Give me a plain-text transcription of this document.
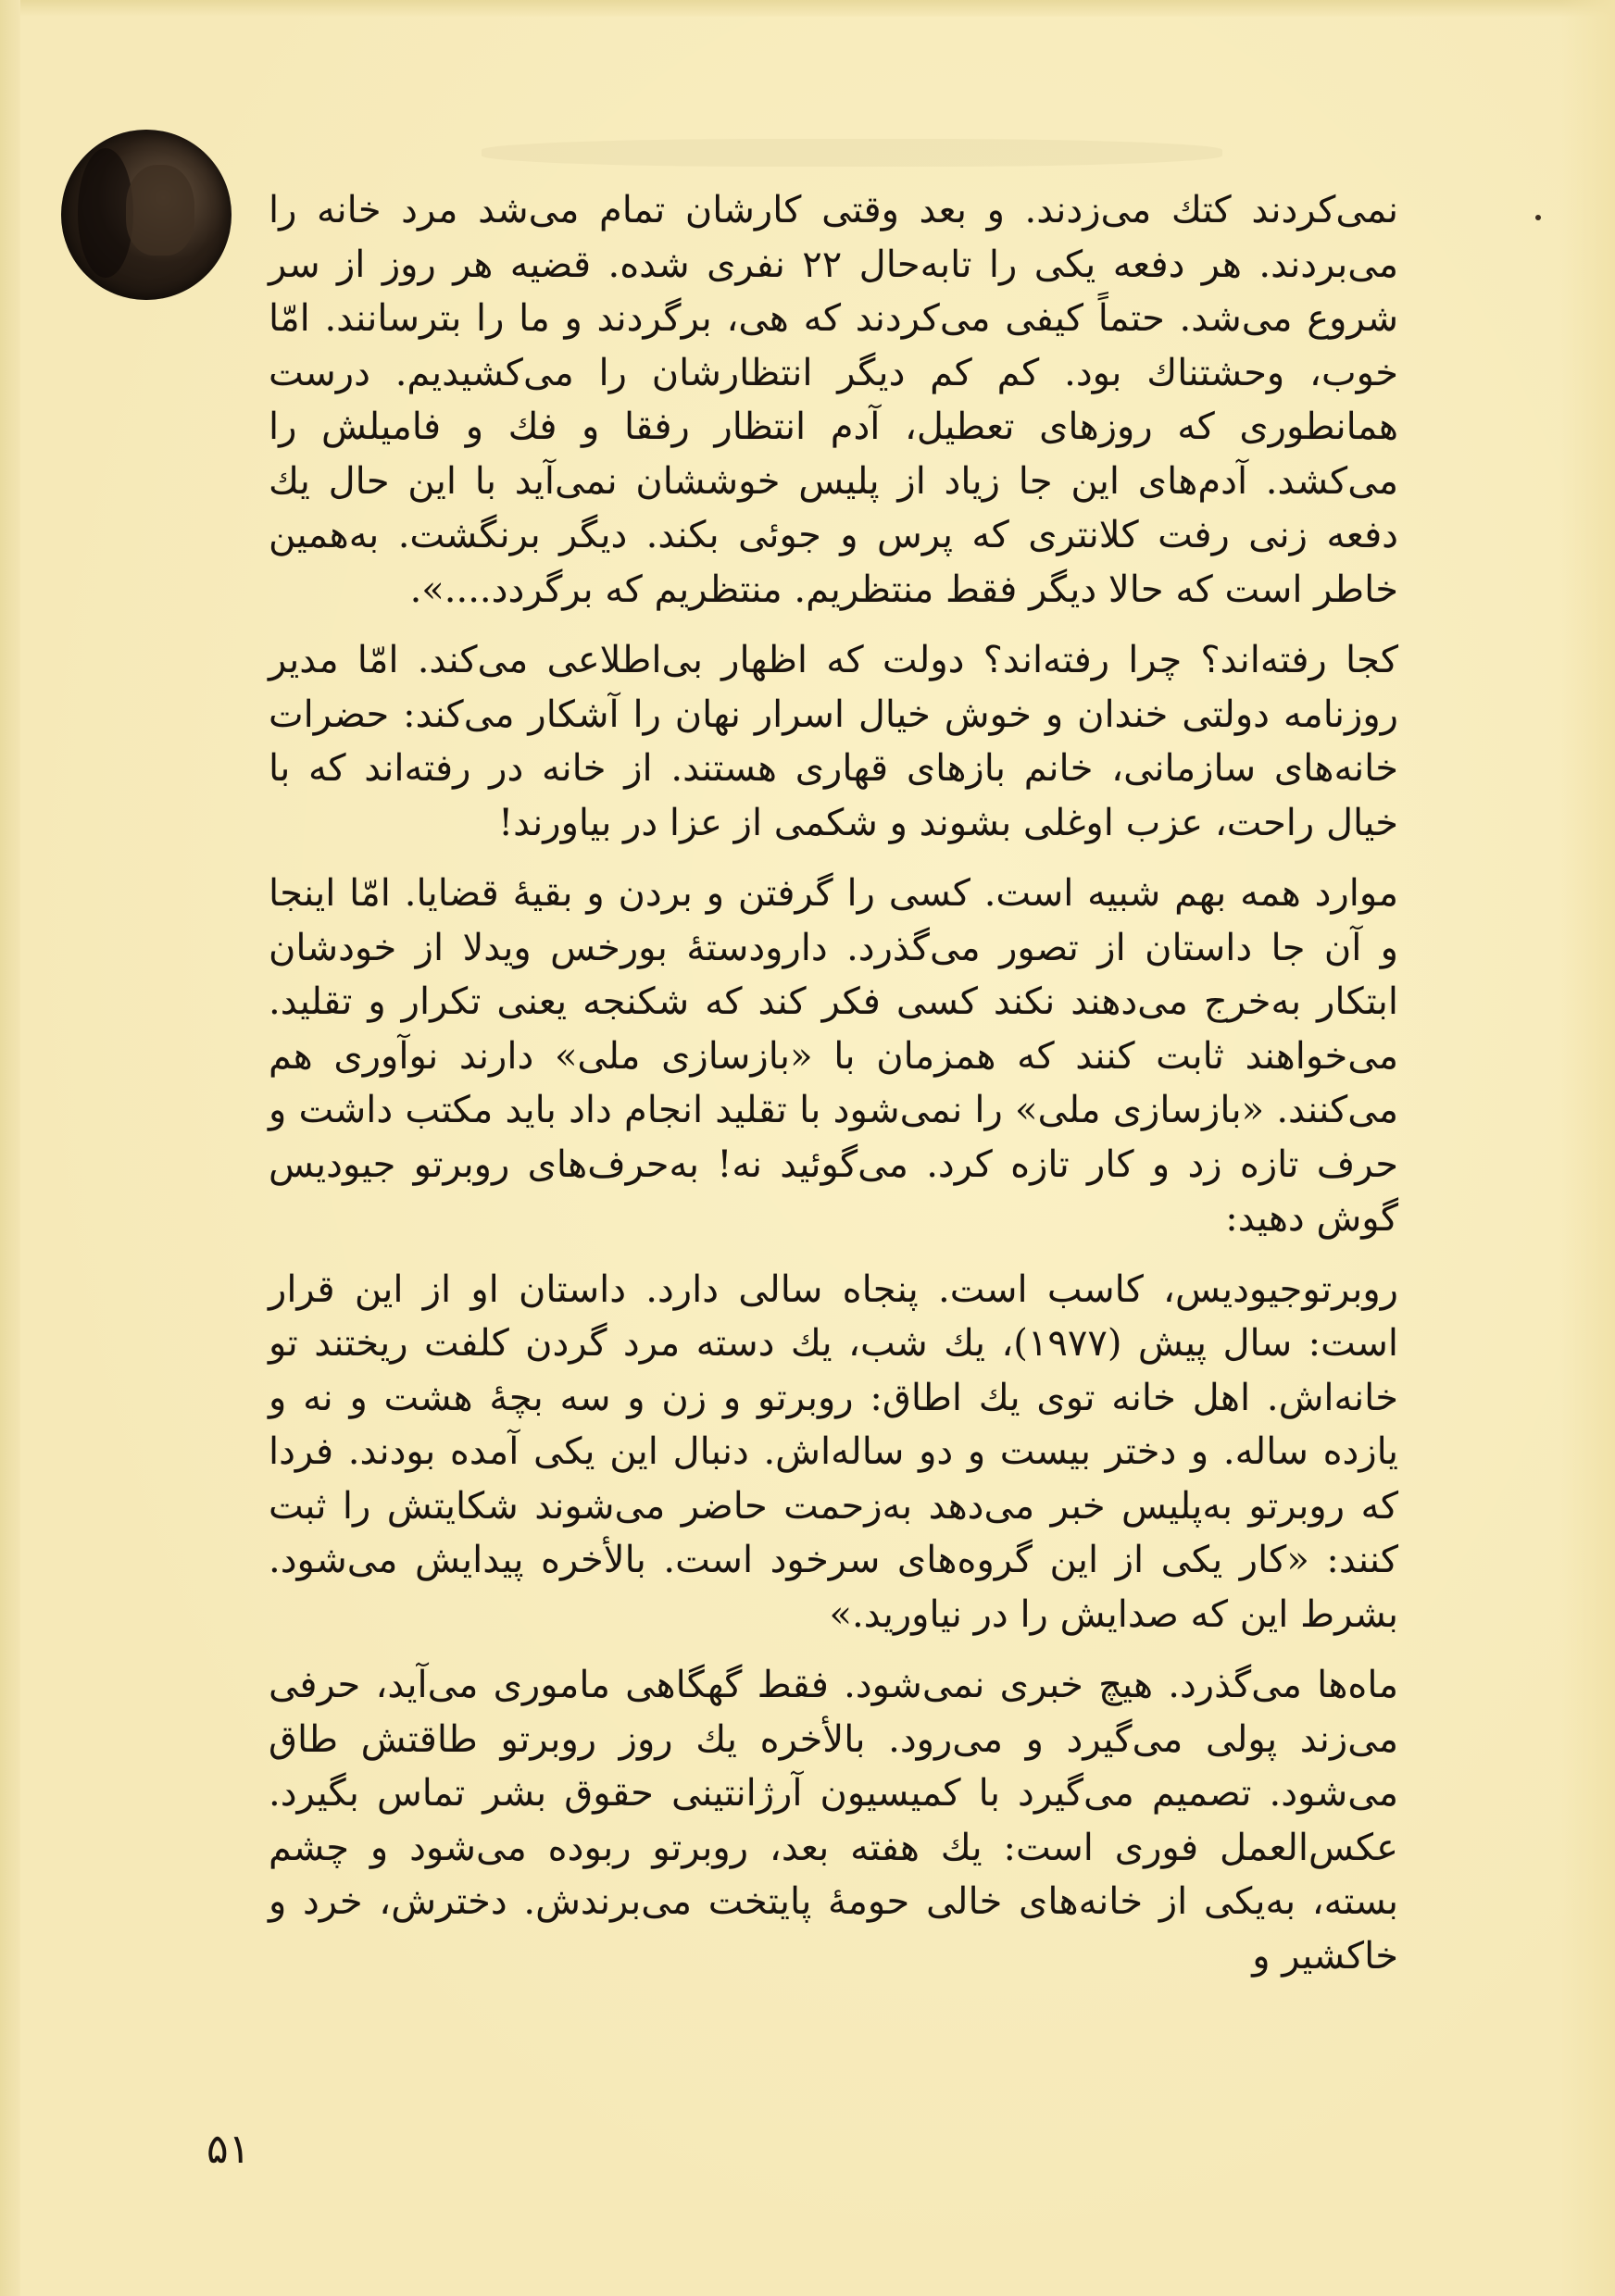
نمی‌کردند کتك می‌زدند. و بعد وقتی کارشان تمام می‌شد مرد خانه را می‌بردند. هر دفعه یکی را تابه‌حال ۲۲ نفری شده. قضیه هر روز از سر شروع می‌شد. حتماً کیفی می‌کردند که هی، برگردند و ما را بترسانند. امّا خوب، وحشتناك بود. کم کم دیگر انتظارشان را می‌کشیدیم. درست همانطوری که روزهای تعطیل، آدم انتظار رفقا و فك و فامیلش را می‌کشد. آدم‌های این جا زیاد از پلیس خوششان نمی‌آید با این حال یك دفعه زنی رفت کلانتری که پرس و جوئی بکند. دیگر برنگشت. به‌همین خاطر است که حالا دیگر فقط منتظریم. منتظریم که برگردد....».

کجا رفته‌اند؟ چرا رفته‌اند؟ دولت که اظهار بی‌اطلاعی می‌کند. امّا مدیر روزنامه دولتی خندان و خوش خیال اسرار نهان را آشکار می‌کند: حضرات خانه‌های سازمانی، خانم بازهای قهاری هستند. از خانه در رفته‌اند که با خیال راحت، عزب اوغلی بشوند و شکمی از عزا در بیاورند!

موارد همه بهم شبیه است. کسی را گرفتن و بردن و بقیهٔ قضایا. امّا اینجا و آن جا داستان از تصور می‌گذرد. دارودستهٔ بورخس ویدلا از خودشان ابتکار به‌خرج می‌دهند نکند کسی فکر کند که شکنجه یعنی تکرار و تقلید. می‌خواهند ثابت کنند که همزمان با «بازسازی ملی» دارند نوآوری هم می‌کنند. «بازسازی ملی» را نمی‌شود با تقلید انجام داد باید مکتب داشت و حرف تازه زد و کار تازه کرد. می‌گوئید نه! به‌حرف‌های روبرتو جیودیس گوش دهید:

روبرتوجیودیس، کاسب است. پنجاه سالی دارد. داستان او از این قرار است: سال پیش (۱۹۷۷)، یك شب، یك دسته مرد گردن کلفت ریختند تو خانه‌اش. اهل خانه توی یك اطاق: روبرتو و زن و سه بچهٔ هشت و نه و یازده ساله. و دختر بیست و دو ساله‌اش. دنبال این یکی آمده بودند. فردا که روبرتو به‌پلیس خبر می‌دهد به‌زحمت حاضر می‌شوند شکایتش را ثبت کنند: «کار یکی از این گروه‌های سرخود است. بالأخره پیدایش می‌شود. بشرط این که صدایش را در نیاورید.»

ماه‌ها می‌گذرد. هیچ خبری نمی‌شود. فقط گهگاهی ماموری می‌آید، حرفی می‌زند پولی می‌گیرد و می‌رود. بالأخره یك روز روبرتو طاقتش طاق می‌شود. تصمیم می‌گیرد با کمیسیون آرژانتینی حقوق بشر تماس بگیرد. عکس‌العمل فوری است: یك هفته بعد، روبرتو ربوده می‌شود و چشم بسته، به‌یکی از خانه‌های خالی حومهٔ پایتخت می‌برندش. دخترش، خرد و خاکشیر و

۵۱
